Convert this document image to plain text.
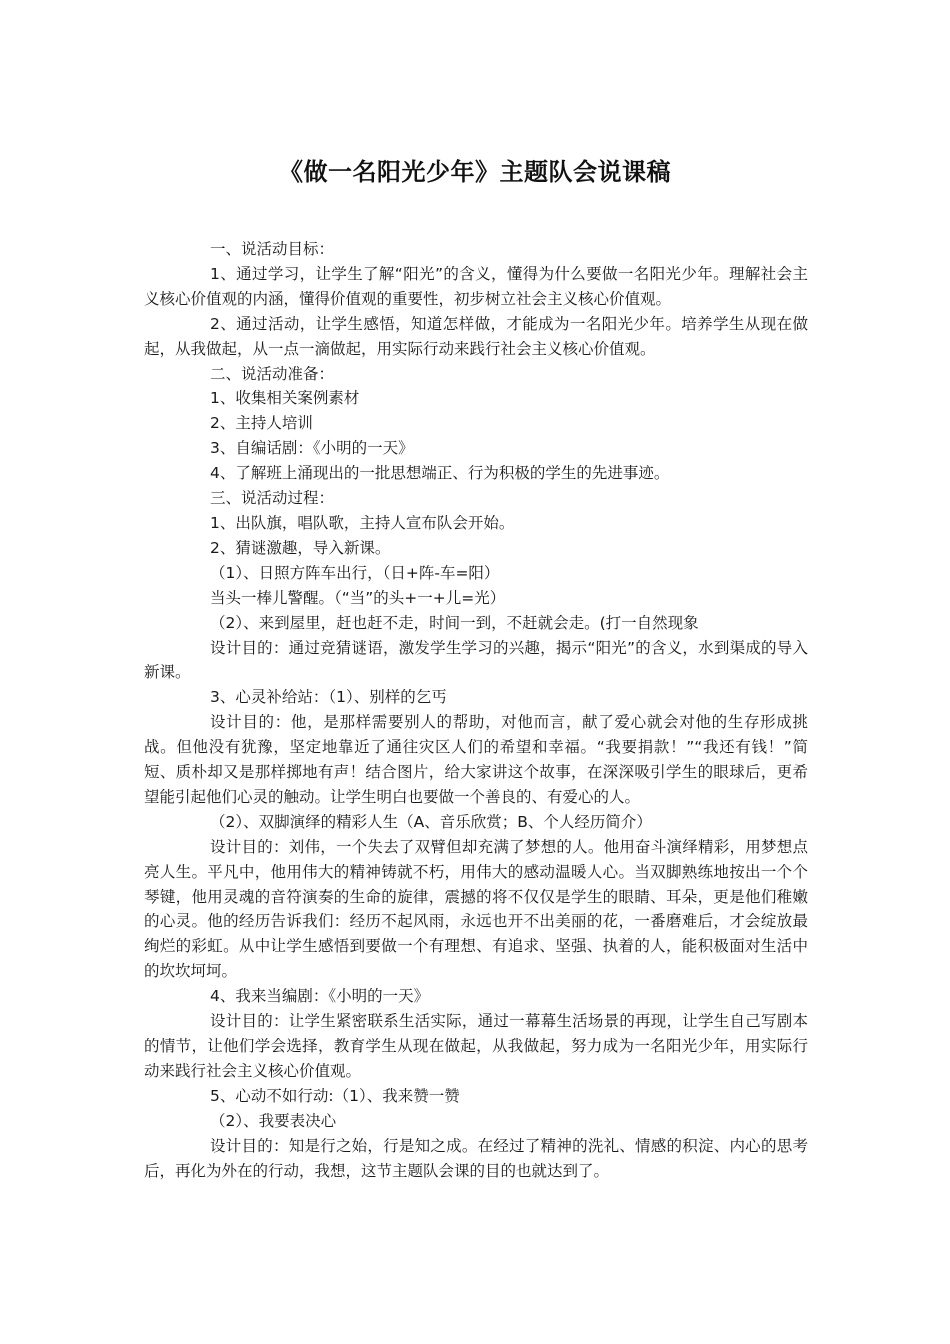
《做一名阳光少年》主题队会说课稿

一、说活动目标：

1、通过学习，让学生了解“阳光”的含义，懂得为什么要做一名阳光少年。理解社会主义核心价值观的内涵，懂得价值观的重要性，初步树立社会主义核心价值观。

2、通过活动，让学生感悟，知道怎样做，才能成为一名阳光少年。培养学生从现在做起，从我做起，从一点一滴做起，用实际行动来践行社会主义核心价值观。

二、说活动准备：

1、收集相关案例素材

2、主持人培训

3、自编话剧：《小明的一天》

4、了解班上涌现出的一批思想端正、行为积极的学生的先进事迹。

三、说活动过程：

1、出队旗，唱队歌，主持人宣布队会开始。

2、猜谜激趣，导入新课。

（1）、日照方阵车出行，（日+阵-车=阳）

当头一棒儿警醒。（“当”的头+一+儿=光）

（2）、来到屋里，赶也赶不走，时间一到，不赶就会走。(打一自然现象

设计目的：通过竞猜谜语，激发学生学习的兴趣，揭示“阳光”的含义，水到渠成的导入新课。

3、心灵补给站：（1）、别样的乞丐

设计目的：他，是那样需要别人的帮助，对他而言，献了爱心就会对他的生存形成挑战。但他没有犹豫，坚定地靠近了通往灾区人们的希望和幸福。“我要捐款！”“我还有钱！”简短、质朴却又是那样掷地有声！结合图片，给大家讲这个故事，在深深吸引学生的眼球后，更希望能引起他们心灵的触动。让学生明白也要做一个善良的、有爱心的人。

（2）、双脚演绎的精彩人生（A、音乐欣赏；B、个人经历简介）

设计目的：刘伟，一个失去了双臂但却充满了梦想的人。他用奋斗演绎精彩，用梦想点亮人生。平凡中，他用伟大的精神铸就不朽，用伟大的感动温暖人心。当双脚熟练地按出一个个琴键，他用灵魂的音符演奏的生命的旋律，震撼的将不仅仅是学生的眼睛、耳朵，更是他们稚嫩的心灵。他的经历告诉我们：经历不起风雨，永远也开不出美丽的花，一番磨难后，才会绽放最绚烂的彩虹。从中让学生感悟到要做一个有理想、有追求、坚强、执着的人，能积极面对生活中的坎坎坷坷。

4、我来当编剧：《小明的一天》

设计目的：让学生紧密联系生活实际，通过一幕幕生活场景的再现，让学生自己写剧本的情节，让他们学会选择，教育学生从现在做起，从我做起，努力成为一名阳光少年，用实际行动来践行社会主义核心价值观。

5、心动不如行动:（1）、我来赞一赞

（2）、我要表决心

设计目的：知是行之始，行是知之成。在经过了精神的洗礼、情感的积淀、内心的思考后，再化为外在的行动，我想，这节主题队会课的目的也就达到了。
